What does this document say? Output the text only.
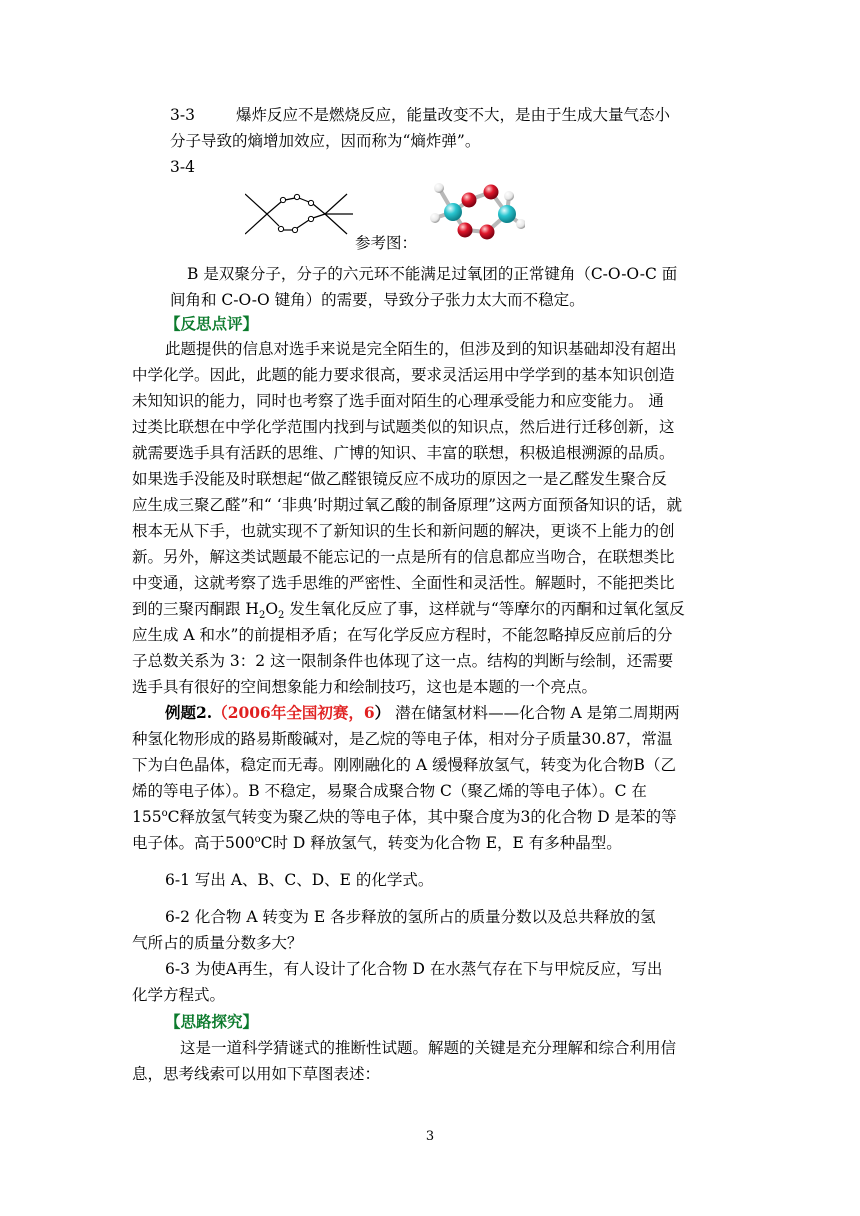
3-3	爆炸反应不是燃烧反应，能量改变不大，是由于生成大量气态小
分子导致的熵增加效应，因而称为“熵炸弹”。
3-4
参考图：
B 是双聚分子，分子的六元环不能满足过氧团的正常键角（C-O-O-C 面
间角和 C-O-O 键角）的需要，导致分子张力太大而不稳定。
【反思点评】
此题提供的信息对选手来说是完全陌生的，但涉及到的知识基础却没有超出
中学化学。因此，此题的能力要求很高，要求灵活运用中学学到的基本知识创造
未知知识的能力，同时也考察了选手面对陌生的心理承受能力和应变能力。 通
过类比联想在中学化学范围内找到与试题类似的知识点，然后进行迁移创新，这
就需要选手具有活跃的思维、广博的知识、丰富的联想，积极追根溯源的品质。
如果选手没能及时联想起“做乙醛银镜反应不成功的原因之一是乙醛发生聚合反
应生成三聚乙醛”和“ ‘非典’时期过氧乙酸的制备原理”这两方面预备知识的话，就
根本无从下手，也就实现不了新知识的生长和新问题的解决，更谈不上能力的创
新。另外，解这类试题最不能忘记的一点是所有的信息都应当吻合，在联想类比
中变通，这就考察了选手思维的严密性、全面性和灵活性。解题时，不能把类比
到的三聚丙酮跟 $H_2O_2$ 发生氧化反应了事，这样就与“等摩尔的丙酮和过氧化氢反
应生成 A 和水”的前提相矛盾；在写化学反应方程时，不能忽略掉反应前后的分
子总数关系为 3：2 这一限制条件也体现了这一点。结构的判断与绘制，还需要
选手具有很好的空间想象能力和绘制技巧，这也是本题的一个亮点。
例题2.（2006年全国初赛，6） 潜在储氢材料——化合物 A 是第二周期两
种氢化物形成的路易斯酸碱对，是乙烷的等电子体，相对分子质量30.87，常温
下为白色晶体，稳定而无毒。刚刚融化的 A 缓慢释放氢气，转变为化合物B（乙
烯的等电子体）。B 不稳定，易聚合成聚合物 C（聚乙烯的等电子体）。C 在
155$^o$C释放氢气转变为聚乙炔的等电子体，其中聚合度为3的化合物 D 是苯的等
电子体。高于500$^o$C时 D 释放氢气，转变为化合物 E，E 有多种晶型。
6-1 写出 A、B、C、D、E 的化学式。
6-2 化合物 A 转变为 E 各步释放的氢所占的质量分数以及总共释放的氢
气所占的质量分数多大？
6-3 为使A再生，有人设计了化合物 D 在水蒸气存在下与甲烷反应，写出
化学方程式。
【思路探究】
这是一道科学猜谜式的推断性试题。解题的关键是充分理解和综合利用信
息，思考线索可以用如下草图表述：
3
